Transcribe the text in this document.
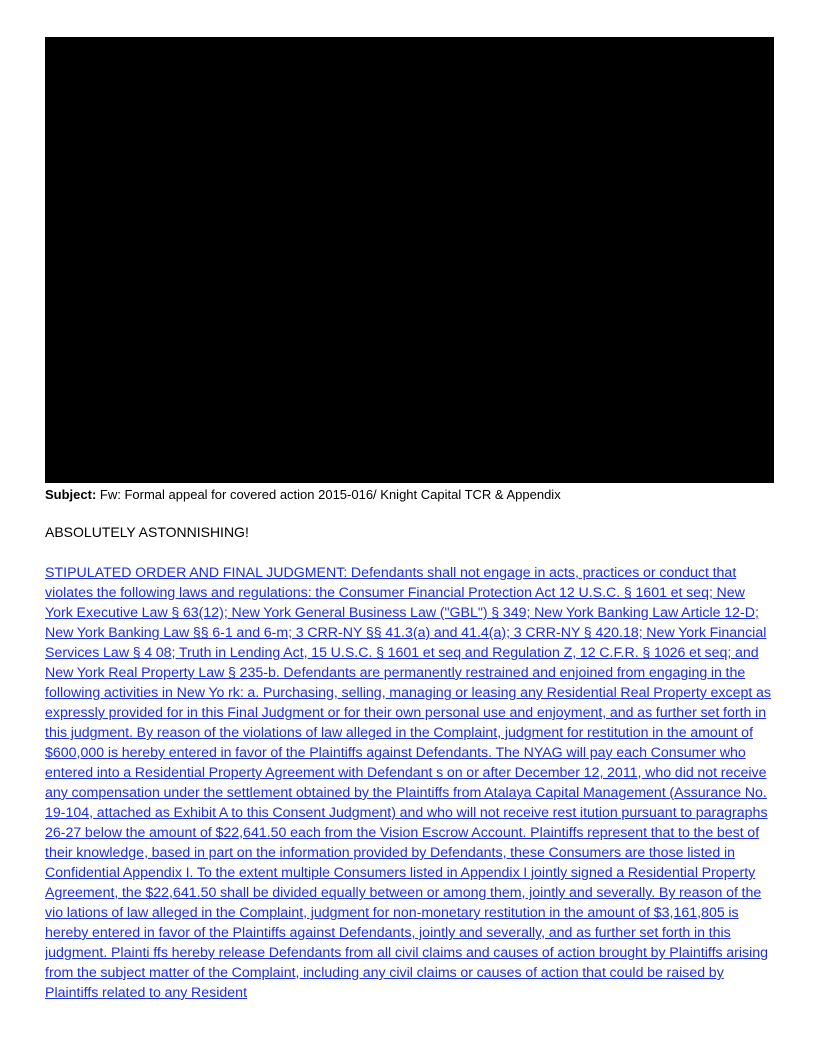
Subject: Fw: Formal appeal for covered action 2015-016/ Knight Capital TCR & Appendix
ABSOLUTELY ASTONNISHING!
STIPULATED ORDER AND FINAL JUDGMENT: Defendants shall not engage in acts, practices or conduct that violates the following laws and regulations: the Consumer Financial Protection Act 12 U.S.C. § 1601 et seq; New York Executive Law § 63(12); New York General Business Law ("GBL") § 349; New York Banking Law Article 12-D; New York Banking Law §§ 6-1 and 6-m; 3 CRR-NY §§ 41.3(a) and 41.4(a); 3 CRR-NY § 420.18; New York Financial Services Law § 4 08; Truth in Lending Act, 15 U.S.C. § 1601 et seq and Regulation Z, 12 C.F.R. § 1026 et seq; and New York Real Property Law § 235-b. Defendants are permanently restrained and enjoined from engaging in the following activities in New Yo rk: a. Purchasing, selling, managing or leasing any Residential Real Property except as expressly provided for in this Final Judgment or for their own personal use and enjoyment, and as further set forth in this judgment. By reason of the violations of law alleged in the Complaint, judgment for restitution in the amount of $600,000 is hereby entered in favor of the Plaintiffs against Defendants. The NYAG will pay each Consumer who entered into a Residential Property Agreement with Defendant s on or after December 12, 2011, who did not receive any compensation under the settlement obtained by the Plaintiffs from Atalaya Capital Management (Assurance No. 19-104, attached as Exhibit A to this Consent Judgment) and who will not receive rest itution pursuant to paragraphs 26-27 below the amount of $22,641.50 each from the Vision Escrow Account. Plaintiffs represent that to the best of their knowledge, based in part on the information provided by Defendants, these Consumers are those listed in Confidential Appendix I. To the extent multiple Consumers listed in Appendix I jointly signed a Residential Property Agreement, the $22,641.50 shall be divided equally between or among them, jointly and severally. By reason of the vio lations of law alleged in the Complaint, judgment for non-monetary restitution in the amount of $3,161,805 is hereby entered in favor of the Plaintiffs against Defendants, jointly and severally, and as further set forth in this judgment. Plainti ffs hereby release Defendants from all civil claims and causes of action brought by Plaintiffs arising from the subject matter of the Complaint, including any civil claims or causes of action that could be raised by Plaintiffs related to any Resident
